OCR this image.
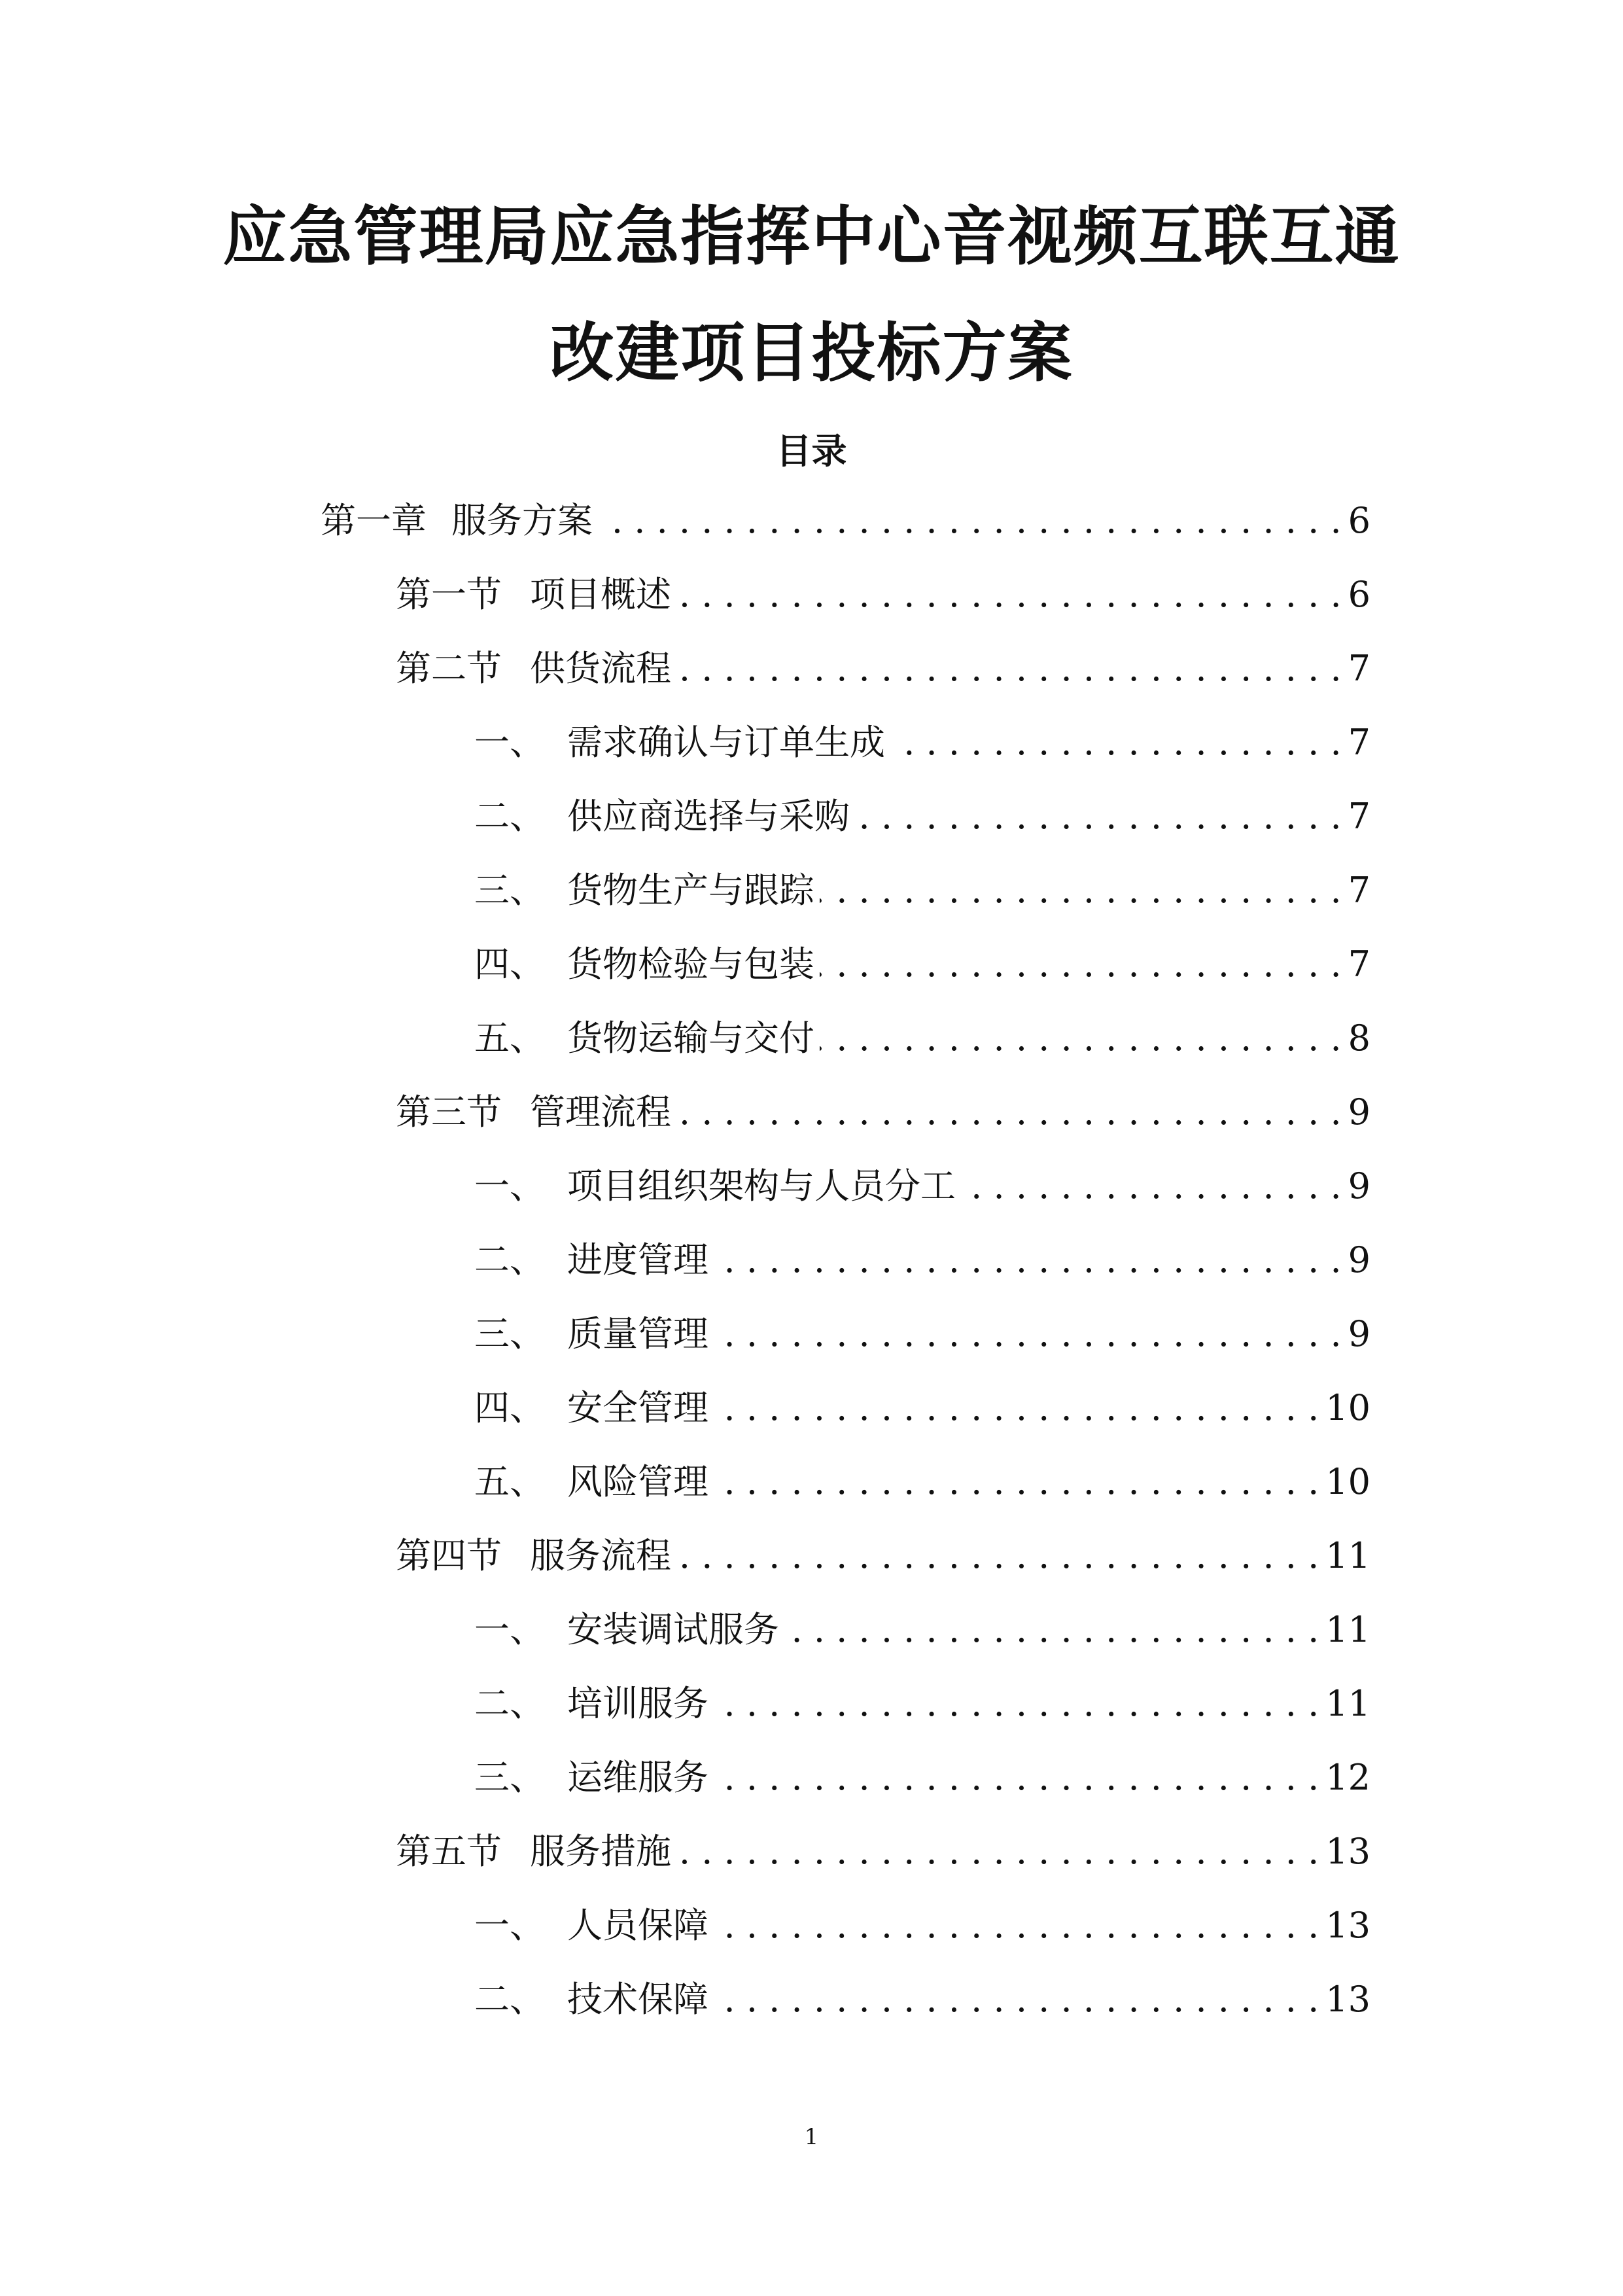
应急管理局应急指挥中心音视频互联互通
改建项目投标方案
目录
第一章 服务方案 . . .	6
第一节 项目概述 . . .	6
第二节 供货流程 . . .	7
一、 需求确认与订单生成 . . .	7
二、 供应商选择与采购 . . .	7
三、 货物生产与跟踪 . . .	7
四、 货物检验与包装 . . .	7
五、 货物运输与交付 . . .	8
第三节 管理流程 . . .	9
一、 项目组织架构与人员分工 . . .	9
二、 进度管理 . . .	9
三、 质量管理 . . .	9
四、 安全管理 . . .	10
五、 风险管理 . . .	10
第四节 服务流程 . . .	11
一、 安装调试服务 . . .	11
二、 培训服务 . . .	11
三、 运维服务 . . .	12
第五节 服务措施 . . .	13
一、 人员保障 . . .	13
二、 技术保障 . . .	13
1
